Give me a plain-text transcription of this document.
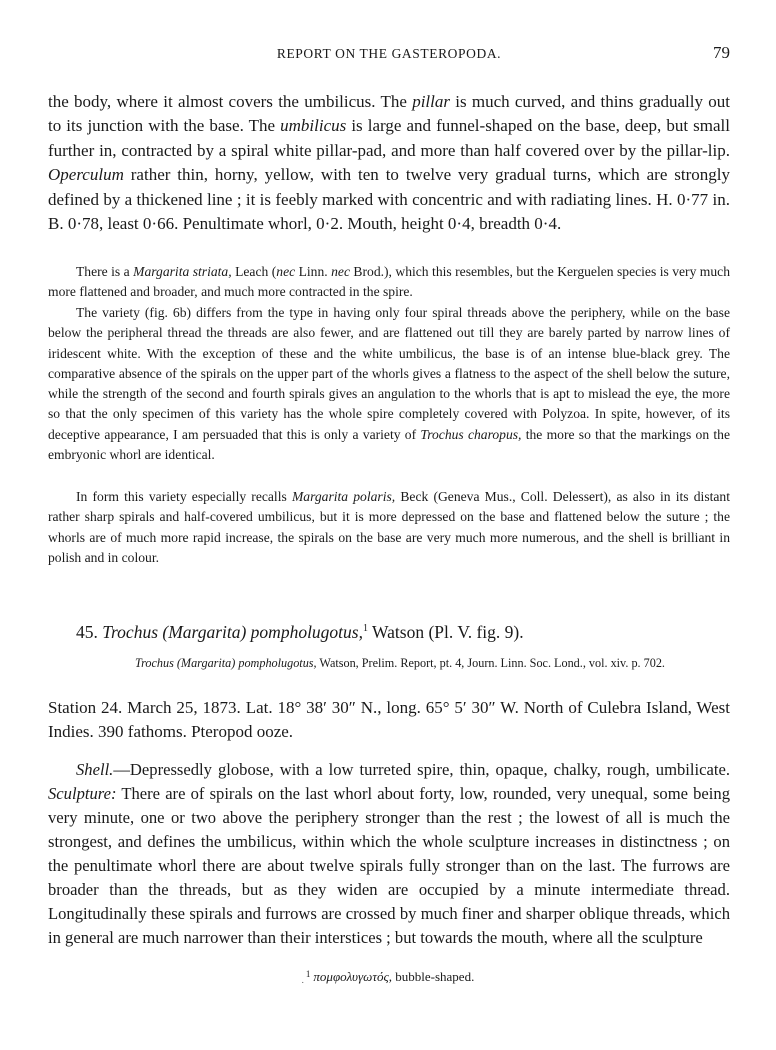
REPORT ON THE GASTEROPODA.	79

the body, where it almost covers the umbilicus. The pillar is much curved, and thins gradually out to its junction with the base. The umbilicus is large and funnel-shaped on the base, deep, but small further in, contracted by a spiral white pillar-pad, and more than half covered over by the pillar-lip. Operculum rather thin, horny, yellow, with ten to twelve very gradual turns, which are strongly defined by a thickened line ; it is feebly marked with concentric and with radiating lines. H. 0·77 in. B. 0·78, least 0·66. Penultimate whorl, 0·2. Mouth, height 0·4, breadth 0·4.

There is a Margarita striata, Leach (nec Linn. nec Brod.), which this resembles, but the Kerguelen species is very much more flattened and broader, and much more contracted in the spire.

The variety (fig. 6b) differs from the type in having only four spiral threads above the periphery, while on the base below the peripheral thread the threads are also fewer, and are flattened out till they are barely parted by narrow lines of iridescent white. With the exception of these and the white umbilicus, the base is of an intense blue-black grey. The comparative absence of the spirals on the upper part of the whorls gives a flatness to the aspect of the shell below the suture, while the strength of the second and fourth spirals gives an angulation to the whorls that is apt to mislead the eye, the more so that the only specimen of this variety has the whole spire completely covered with Polyzoa. In spite, however, of its deceptive appearance, I am persuaded that this is only a variety of Trochus charopus, the more so that the markings on the embryonic whorl are identical.

In form this variety especially recalls Margarita polaris, Beck (Geneva Mus., Coll. Delessert), as also in its distant rather sharp spirals and half-covered umbilicus, but it is more depressed on the base and flattened below the suture ; the whorls are of much more rapid increase, the spirals on the base are very much more numerous, and the shell is brilliant in polish and in colour.

45. Trochus (Margarita) pompholugotus,$^1$ Watson (Pl. V. fig. 9).

Trochus (Margarita) pompholugotus, Watson, Prelim. Report, pt. 4, Journ. Linn. Soc. Lond., vol. xiv. p. 702.

Station 24. March 25, 1873. Lat. 18° 38′ 30″ N., long. 65° 5′ 30″ W. North of Culebra Island, West Indies. 390 fathoms. Pteropod ooze.

Shell.—Depressedly globose, with a low turreted spire, thin, opaque, chalky, rough, umbilicate. Sculpture: There are of spirals on the last whorl about forty, low, rounded, very unequal, some being very minute, one or two above the periphery stronger than the rest ; the lowest of all is much the strongest, and defines the umbilicus, within which the whole sculpture increases in distinctness ; on the penultimate whorl there are about twelve spirals fully stronger than on the last. The furrows are broader than the threads, but as they widen are occupied by a minute intermediate thread. Longitudinally these spirals and furrows are crossed by much finer and sharper oblique threads, which in general are much narrower than their interstices ; but towards the mouth, where all the sculpture

. $^1$ πομφολυγωτός, bubble-shaped.
